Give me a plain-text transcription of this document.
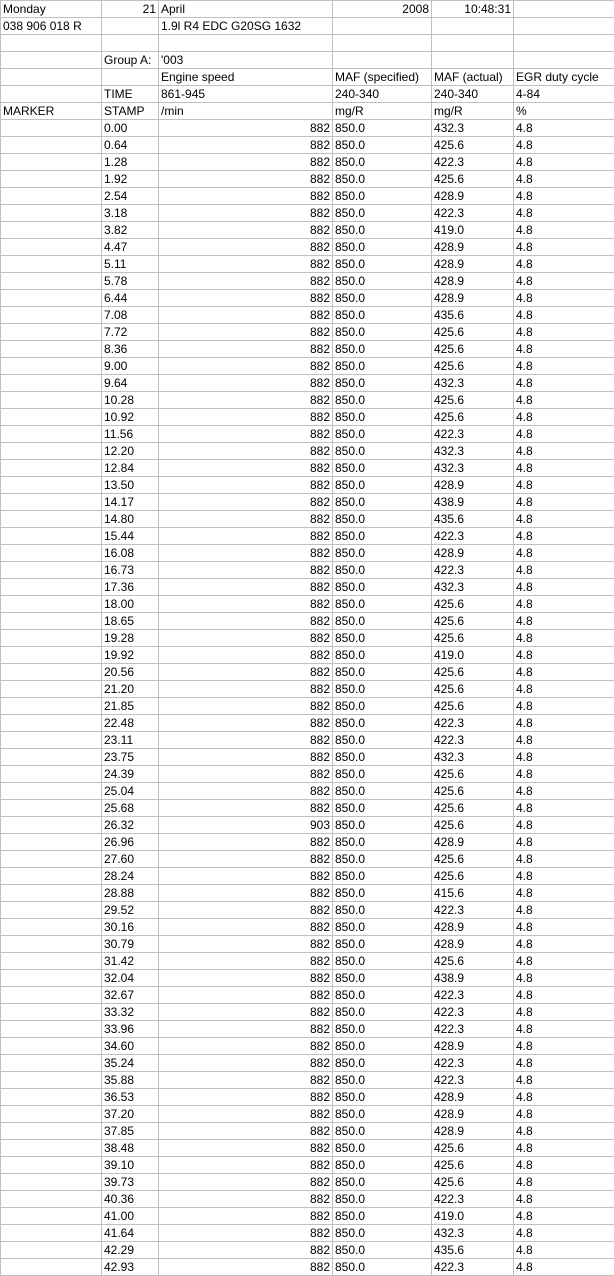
Monday	21	April	2008	10:48:31	
038 906 018 R		1.9l R4 EDC G20SG 1632			

	Group A:	'003			
		Engine speed	MAF (specified)	MAF (actual)	EGR duty cycle
	TIME	861-945	240-340	240-340	4-84
MARKER	STAMP	/min	mg/R	mg/R	%
	0.00	882	850.0	432.3	4.8
	0.64	882	850.0	425.6	4.8
	1.28	882	850.0	422.3	4.8
	1.92	882	850.0	425.6	4.8
	2.54	882	850.0	428.9	4.8
	3.18	882	850.0	422.3	4.8
	3.82	882	850.0	419.0	4.8
	4.47	882	850.0	428.9	4.8
	5.11	882	850.0	428.9	4.8
	5.78	882	850.0	428.9	4.8
	6.44	882	850.0	428.9	4.8
	7.08	882	850.0	435.6	4.8
	7.72	882	850.0	425.6	4.8
	8.36	882	850.0	425.6	4.8
	9.00	882	850.0	425.6	4.8
	9.64	882	850.0	432.3	4.8
	10.28	882	850.0	425.6	4.8
	10.92	882	850.0	425.6	4.8
	11.56	882	850.0	422.3	4.8
	12.20	882	850.0	432.3	4.8
	12.84	882	850.0	432.3	4.8
	13.50	882	850.0	428.9	4.8
	14.17	882	850.0	438.9	4.8
	14.80	882	850.0	435.6	4.8
	15.44	882	850.0	422.3	4.8
	16.08	882	850.0	428.9	4.8
	16.73	882	850.0	422.3	4.8
	17.36	882	850.0	432.3	4.8
	18.00	882	850.0	425.6	4.8
	18.65	882	850.0	425.6	4.8
	19.28	882	850.0	425.6	4.8
	19.92	882	850.0	419.0	4.8
	20.56	882	850.0	425.6	4.8
	21.20	882	850.0	425.6	4.8
	21.85	882	850.0	425.6	4.8
	22.48	882	850.0	422.3	4.8
	23.11	882	850.0	422.3	4.8
	23.75	882	850.0	432.3	4.8
	24.39	882	850.0	425.6	4.8
	25.04	882	850.0	425.6	4.8
	25.68	882	850.0	425.6	4.8
	26.32	903	850.0	425.6	4.8
	26.96	882	850.0	428.9	4.8
	27.60	882	850.0	425.6	4.8
	28.24	882	850.0	425.6	4.8
	28.88	882	850.0	415.6	4.8
	29.52	882	850.0	422.3	4.8
	30.16	882	850.0	428.9	4.8
	30.79	882	850.0	428.9	4.8
	31.42	882	850.0	425.6	4.8
	32.04	882	850.0	438.9	4.8
	32.67	882	850.0	422.3	4.8
	33.32	882	850.0	422.3	4.8
	33.96	882	850.0	422.3	4.8
	34.60	882	850.0	428.9	4.8
	35.24	882	850.0	422.3	4.8
	35.88	882	850.0	422.3	4.8
	36.53	882	850.0	428.9	4.8
	37.20	882	850.0	428.9	4.8
	37.85	882	850.0	428.9	4.8
	38.48	882	850.0	425.6	4.8
	39.10	882	850.0	425.6	4.8
	39.73	882	850.0	425.6	4.8
	40.36	882	850.0	422.3	4.8
	41.00	882	850.0	419.0	4.8
	41.64	882	850.0	432.3	4.8
	42.29	882	850.0	435.6	4.8
	42.93	882	850.0	422.3	4.8
